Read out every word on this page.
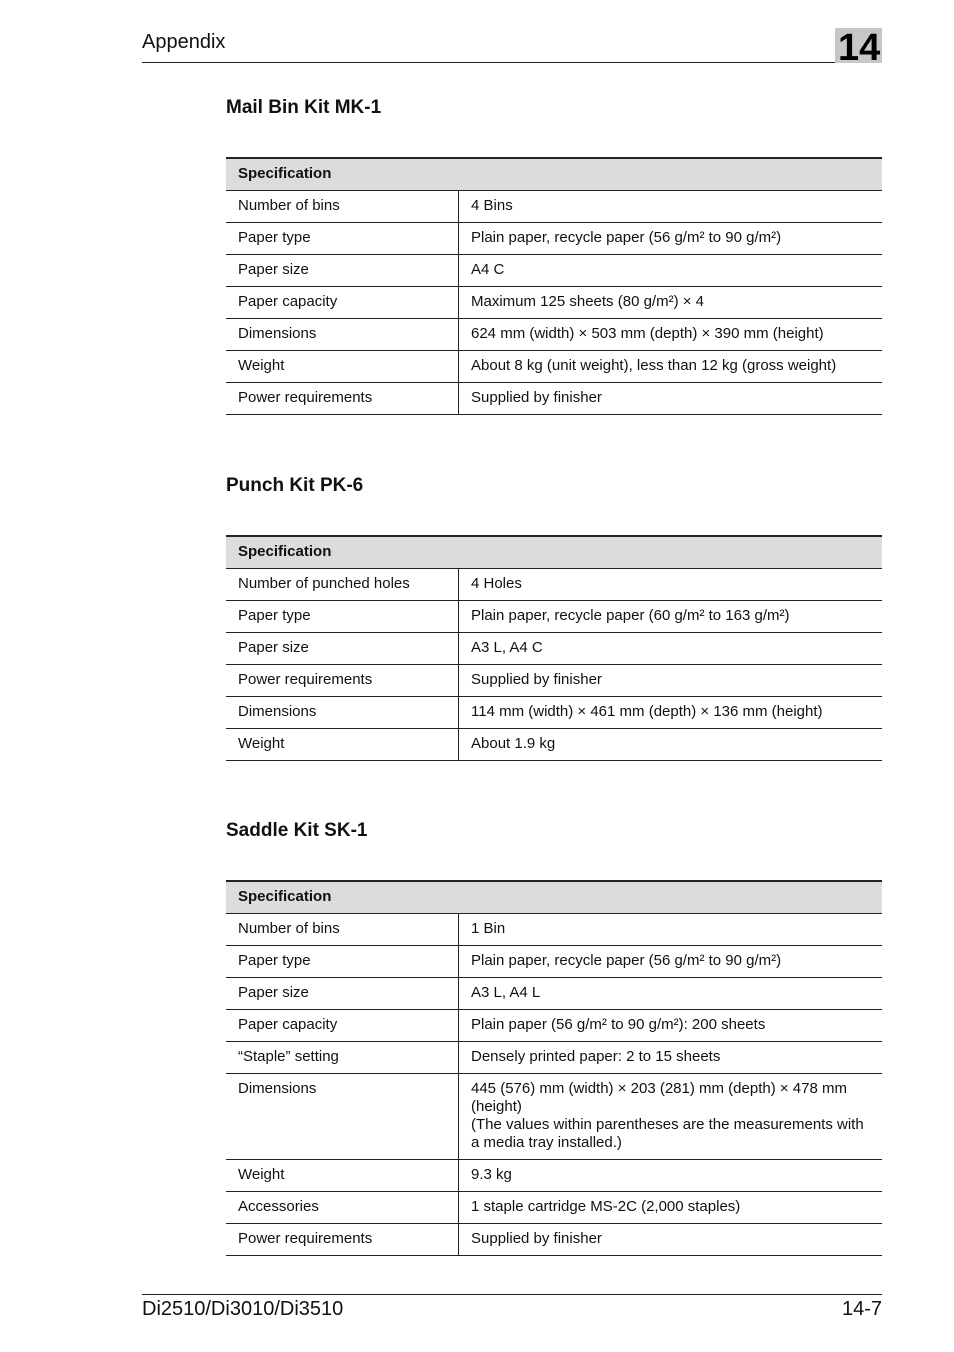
Appendix	14
Mail Bin Kit MK-1
Specification	
Number of bins	4 Bins
Paper type	Plain paper, recycle paper (56 g/m² to 90 g/m²)
Paper size	A4 C
Paper capacity	Maximum 125 sheets (80 g/m²) × 4
Dimensions	624 mm (width) × 503 mm (depth) × 390 mm (height)
Weight	About 8 kg (unit weight), less than 12 kg (gross weight)
Power requirements	Supplied by finisher
Punch Kit PK-6
Specification	
Number of punched holes	4 Holes
Paper type	Plain paper, recycle paper (60 g/m² to 163 g/m²)
Paper size	A3 L, A4 C
Power requirements	Supplied by finisher
Dimensions	114 mm (width) × 461 mm (depth) × 136 mm (height)
Weight	About 1.9 kg
Saddle Kit SK-1
Specification	
Number of bins	1 Bin
Paper type	Plain paper, recycle paper (56 g/m² to 90 g/m²)
Paper size	A3 L, A4 L
Paper capacity	Plain paper (56 g/m² to 90 g/m²): 200 sheets
“Staple” setting	Densely printed paper: 2 to 15 sheets
Dimensions	445 (576) mm (width) × 203 (281) mm (depth) × 478 mm (height)
(The values within parentheses are the measurements with a media tray installed.)

Weight	9.3 kg
Accessories	1 staple cartridge MS-2C (2,000 staples)
Power requirements	Supplied by finisher
Di2510/Di3010/Di3510	14-7
